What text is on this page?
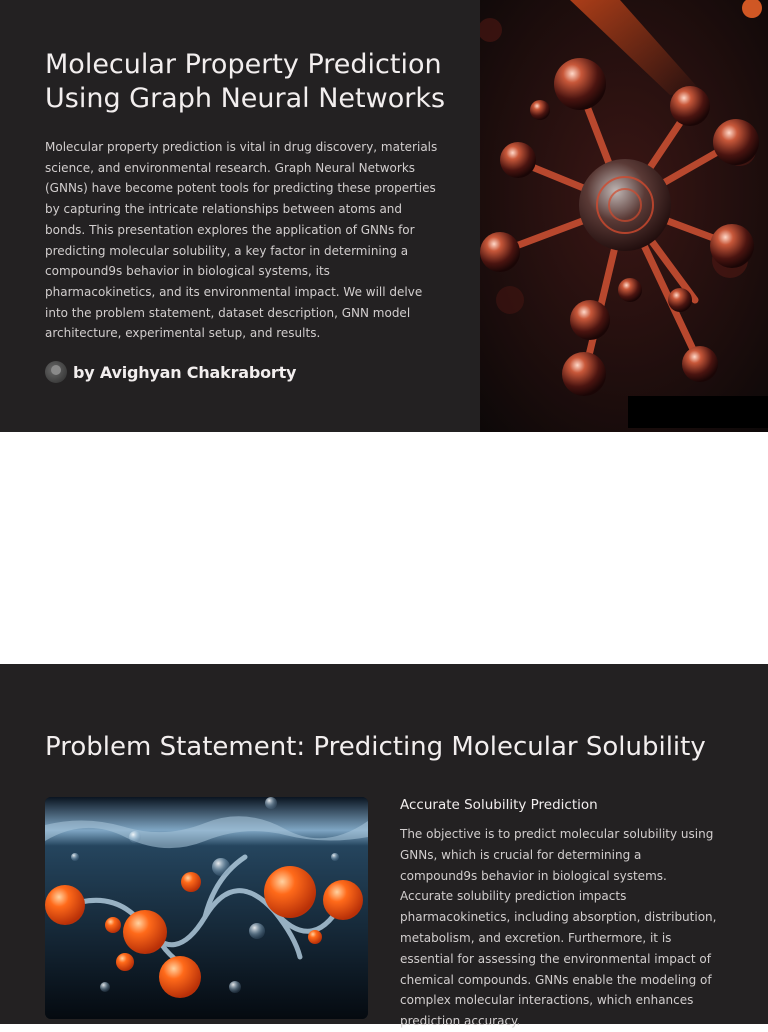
Molecular Property Prediction Using Graph Neural Networks

Molecular property prediction is vital in drug discovery, materials science, and environmental research. Graph Neural Networks (GNNs) have become potent tools for predicting these properties by capturing the intricate relationships between atoms and bonds. This presentation explores the application of GNNs for predicting molecular solubility, a key factor in determining a compound9s behavior in biological systems, its pharmacokinetics, and its environmental impact. We will delve into the problem statement, dataset description, GNN model architecture, experimental setup, and results.

by Avighyan Chakraborty
Problem Statement: Predicting Molecular Solubility
Accurate Solubility Prediction

The objective is to predict molecular solubility using GNNs, which is crucial for determining a compound9s behavior in biological systems. Accurate solubility prediction impacts pharmacokinetics, including absorption, distribution, metabolism, and excretion. Furthermore, it is essential for assessing the environmental impact of chemical compounds. GNNs enable the modeling of complex molecular interactions, which enhances prediction accuracy.
